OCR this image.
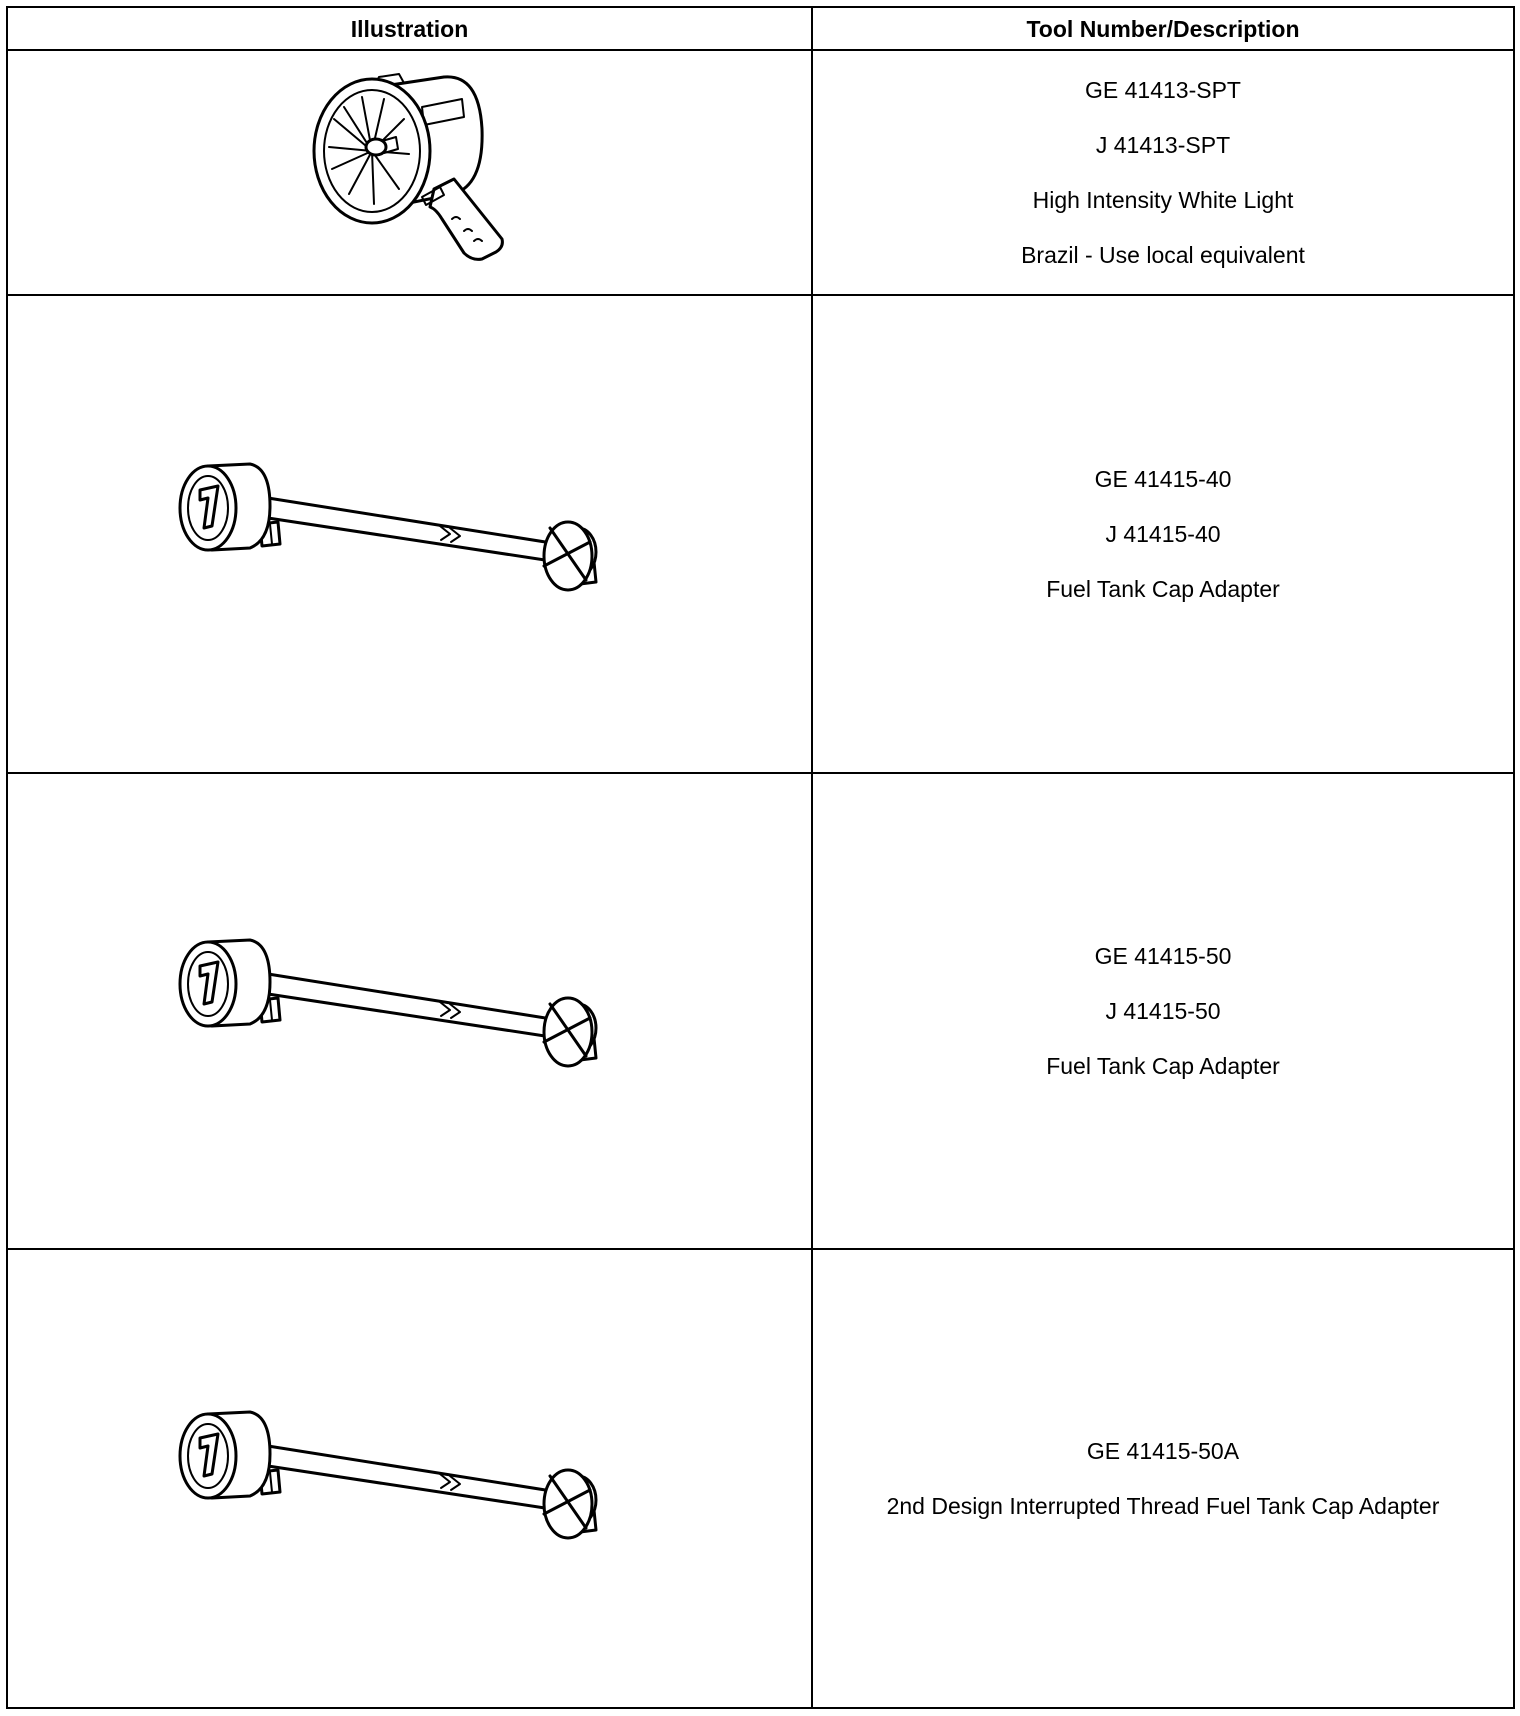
Illustration	Tool Number/Description
GE 41413-SPT
J 41413-SPT
High Intensity White Light
Brazil - Use local equivalent
GE 41415-40
J 41415-40
Fuel Tank Cap Adapter
GE 41415-50
J 41415-50
Fuel Tank Cap Adapter
GE 41415-50A
2nd Design Interrupted Thread Fuel Tank Cap Adapter
